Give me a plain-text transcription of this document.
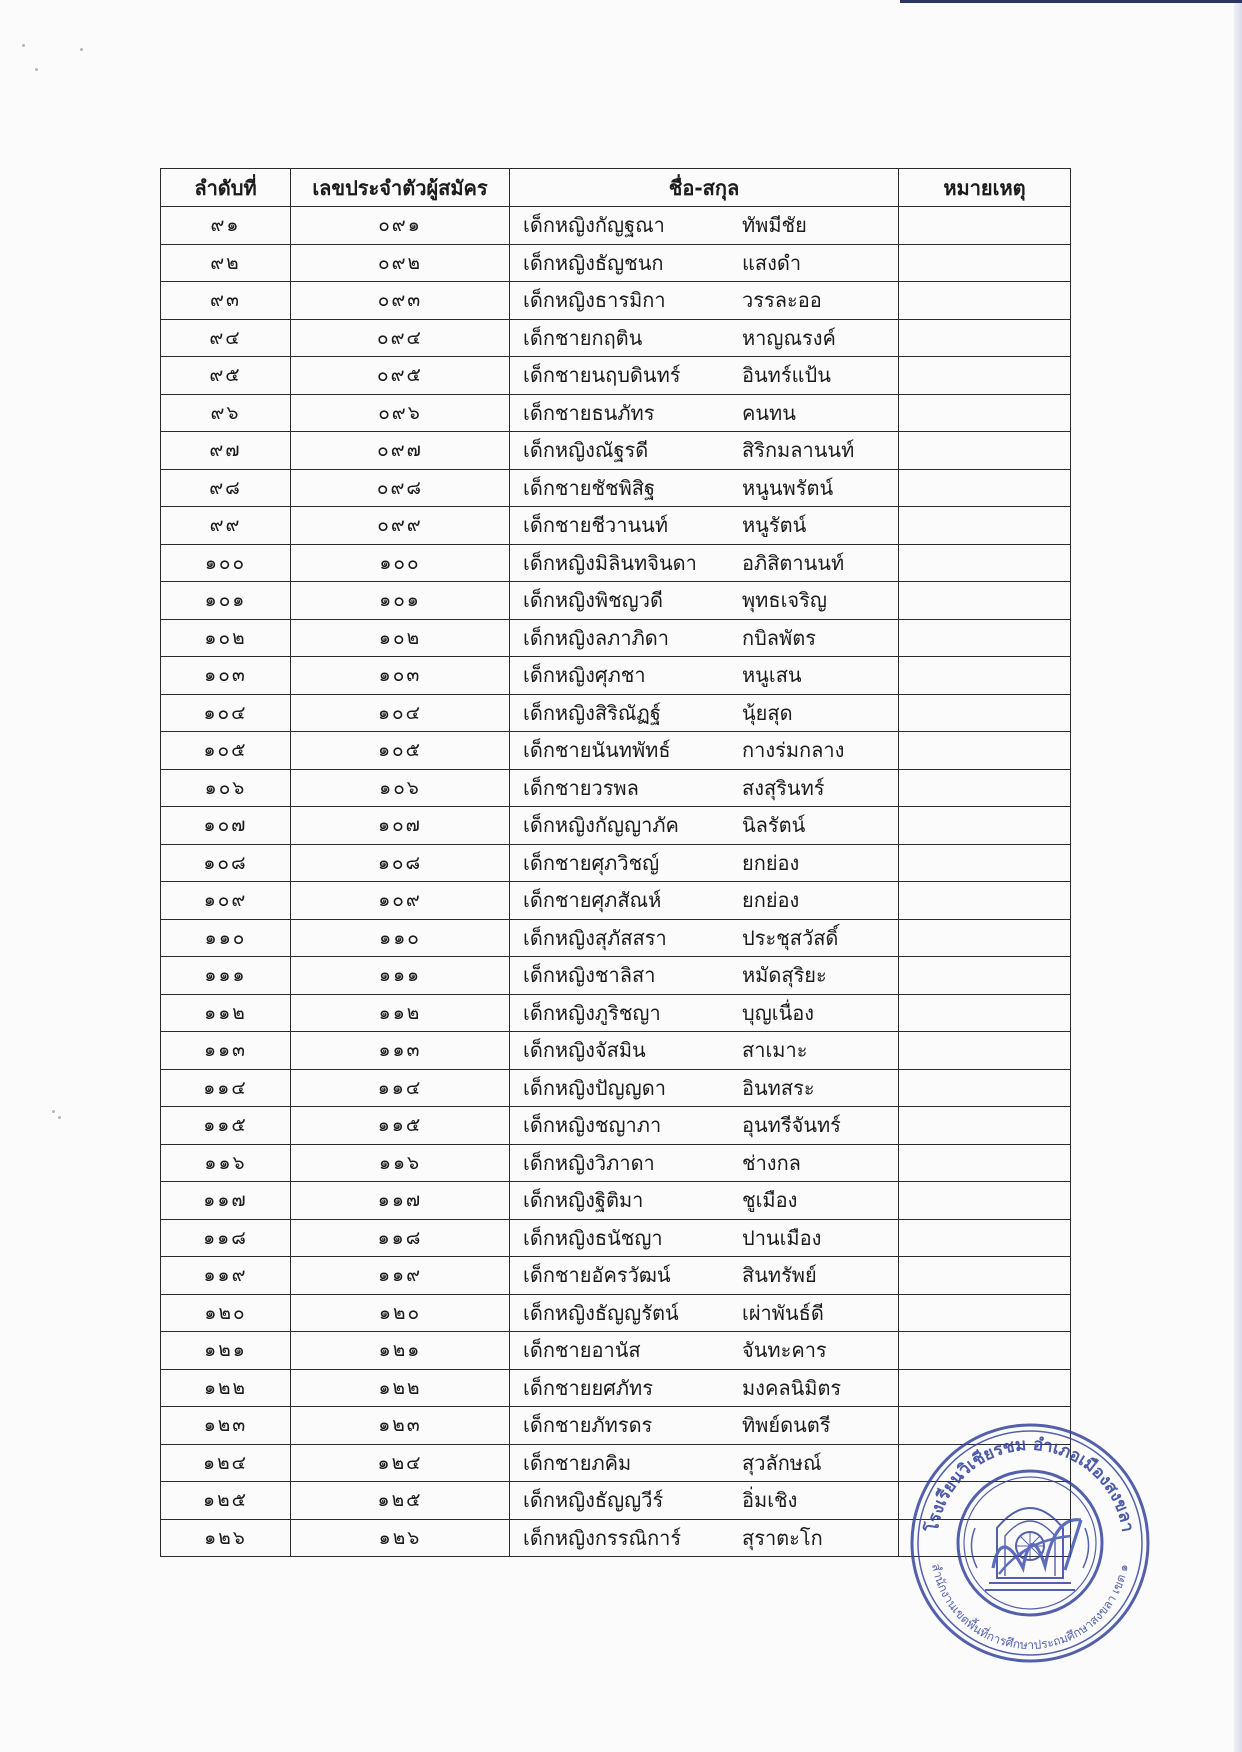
ลำดับที่	เลขประจำตัวผู้สมัคร	ชื่อ-สกุล	หมายเหตุ
๙๑	๐๙๑	เด็กหญิงกัญฐณา ทัพมีชัย	

๙๒	๐๙๒	เด็กหญิงธัญชนก แสงดำ	

๙๓	๐๙๓	เด็กหญิงธารมิกา วรรละออ	

๙๔	๐๙๔	เด็กชายกฤติน หาญณรงค์	

๙๕	๐๙๕	เด็กชายนฤบดินทร์ อินทร์แป้น	

๙๖	๐๙๖	เด็กชายธนภัทร คนทน	

๙๗	๐๙๗	เด็กหญิงณัฐรดี สิริกมลานนท์	

๙๘	๐๙๘	เด็กชายชัชพิสิฐ หนูนพรัตน์	

๙๙	๐๙๙	เด็กชายชีวานนท์ หนูรัตน์	

๑๐๐	๑๐๐	เด็กหญิงมิลินทจินดา อภิสิตานนท์	

๑๐๑	๑๐๑	เด็กหญิงพิชญวดี พุทธเจริญ	

๑๐๒	๑๐๒	เด็กหญิงลภาภิดา กบิลพัตร	

๑๐๓	๑๐๓	เด็กหญิงศุภชา หนูเสน	

๑๐๔	๑๐๔	เด็กหญิงสิริณัฏฐ์ นุ้ยสุด	

๑๐๕	๑๐๕	เด็กชายนันทพัทธ์ กางร่มกลาง	

๑๐๖	๑๐๖	เด็กชายวรพล สงสุรินทร์	

๑๐๗	๑๐๗	เด็กหญิงกัญญาภัค นิลรัตน์	

๑๐๘	๑๐๘	เด็กชายศุภวิชญ์ ยกย่อง	

๑๐๙	๑๐๙	เด็กชายศุภสัณห์ ยกย่อง	

๑๑๐	๑๑๐	เด็กหญิงสุภัสสรา ประชุสวัสดิ์	

๑๑๑	๑๑๑	เด็กหญิงชาลิสา หมัดสุริยะ	

๑๑๒	๑๑๒	เด็กหญิงภูริชญา บุญเนื่อง	

๑๑๓	๑๑๓	เด็กหญิงจัสมิน สาเมาะ	

๑๑๔	๑๑๔	เด็กหญิงปัญญดา อินทสระ	

๑๑๕	๑๑๕	เด็กหญิงชญาภา อุนทรีจันทร์	

๑๑๖	๑๑๖	เด็กหญิงวิภาดา ช่างกล	

๑๑๗	๑๑๗	เด็กหญิงฐิติมา ชูเมือง	

๑๑๘	๑๑๘	เด็กหญิงธนัชญา ปานเมือง	

๑๑๙	๑๑๙	เด็กชายอัครวัฒน์ สินทรัพย์	

๑๒๐	๑๒๐	เด็กหญิงธัญญรัตน์ เผ่าพันธ์ดี	

๑๒๑	๑๒๑	เด็กชายอานัส จันทะคาร	

๑๒๒	๑๒๒	เด็กชายยศภัทร มงคลนิมิตร	

๑๒๓	๑๒๓	เด็กชายภัทรดร ทิพย์ดนตรี	

๑๒๔	๑๒๔	เด็กชายภคิม สุวลักษณ์	

๑๒๕	๑๒๕	เด็กหญิงธัญญวีร์ อิ่มเชิง	

๑๒๖	๑๒๖	เด็กหญิงกรรณิการ์ สุราตะโก	
		โรงเรียนวิเชียรชม อำเภอเมืองสงขลา
สำนักงานเขตพื้นที่การศึกษาประถมศึกษาสงขลา เขต ๑
